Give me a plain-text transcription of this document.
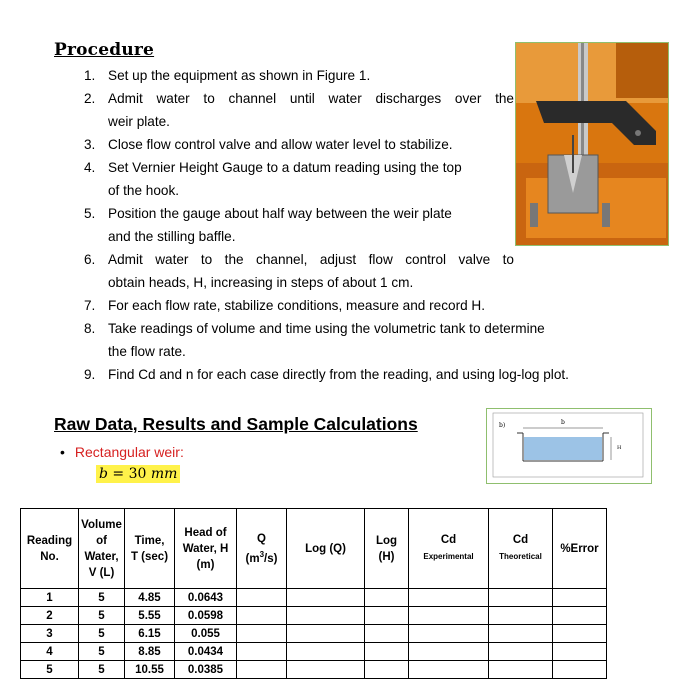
Procedure
1. Set up the equipment as shown in Figure 1.
2. Admit water to channel until water discharges over the
weir plate.
3. Close flow control valve and allow water level to stabilize.
4. Set Vernier Height Gauge to a datum reading using the top
of the hook.
5. Position the gauge about half way between the weir plate
and the stilling baffle.
6. Admit water to the channel, adjust flow control valve to
obtain heads, H, increasing in steps of about 1 cm.
7. For each flow rate, stabilize conditions, measure and record H.
8. Take readings of volume and time using the volumetric tank to determine
the flow rate.
9. Find Cd and n for each case directly from the reading, and using log-log plot.
Raw Data, Results and Sample Calculations
• Rectangular weir:
b = 30 mm
b)	b
H
Reading
No.	Volume
of
Water,
V (L)	Time,
T (sec)	Head of
Water, H
(m)	Q
$(m^3/s)$	Log (Q)	Log
(H)	Cd
Experimental	Cd
Theoretical	%Error
1	5	4.85	0.0643						
2	5	5.55	0.0598						
3	5	6.15	0.055						
4	5	8.85	0.0434						
5	5	10.55	0.0385						
